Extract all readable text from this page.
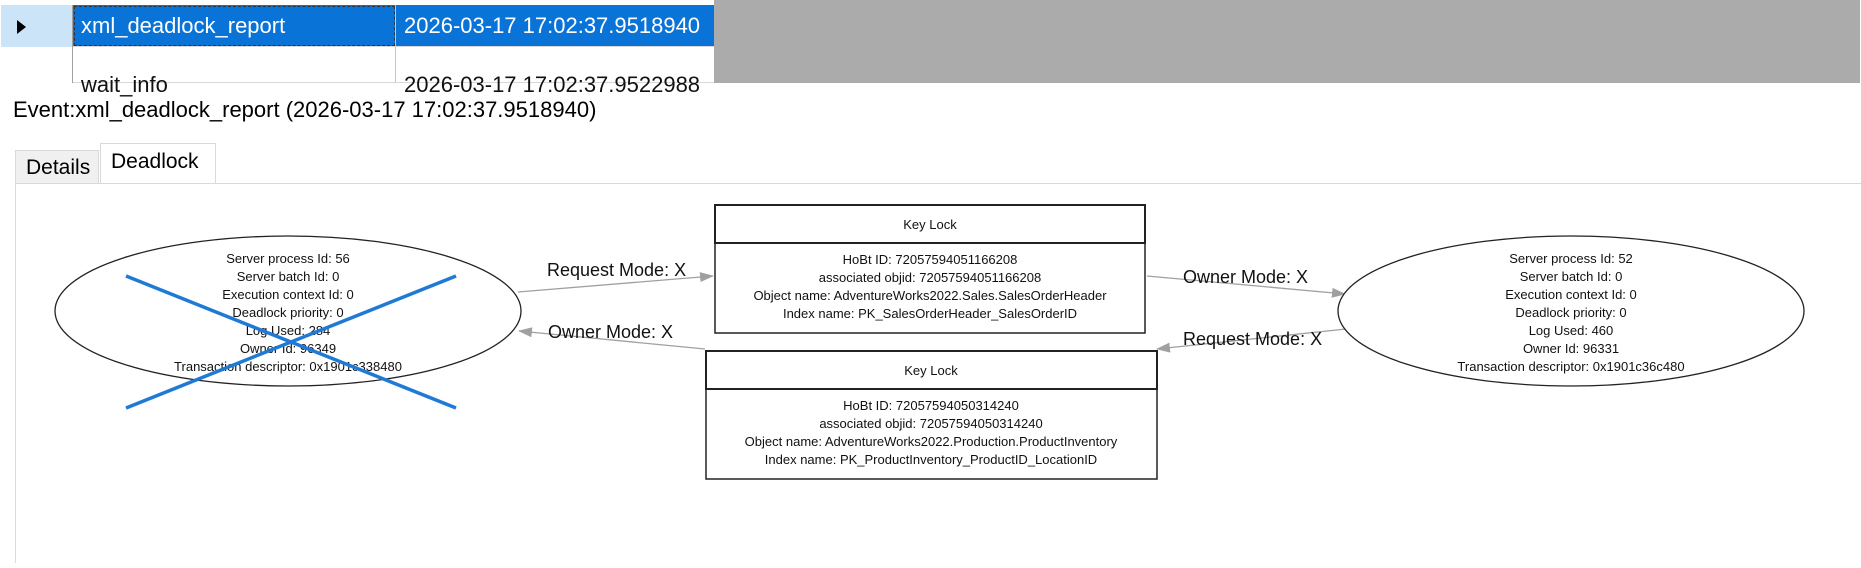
xml_deadlock_report	2026-03-17 17:02:37.9518940
wait_info	2026-03-17 17:02:37.9522988
Event:xml_deadlock_report (2026-03-17 17:02:37.9518940)
Details Deadlock
Request Mode: X	Owner Mode: X
Owner Mode: X	Request Mode: X
Server process Id: 56
Server batch Id: 0
Execution context Id: 0
Deadlock priority: 0
Log Used: 284
Owner Id: 96349
Transaction descriptor: 0x1901c338480
Server process Id: 52
Server batch Id: 0
Execution context Id: 0
Deadlock priority: 0
Log Used: 460
Owner Id: 96331
Transaction descriptor: 0x1901c36c480
Key Lock
HoBt ID: 72057594051166208
associated objid: 72057594051166208
Object name: AdventureWorks2022.Sales.SalesOrderHeader
Index name: PK_SalesOrderHeader_SalesOrderID
Key Lock
HoBt ID: 72057594050314240
associated objid: 72057594050314240
Object name: AdventureWorks2022.Production.ProductInventory
Index name: PK_ProductInventory_ProductID_LocationID
